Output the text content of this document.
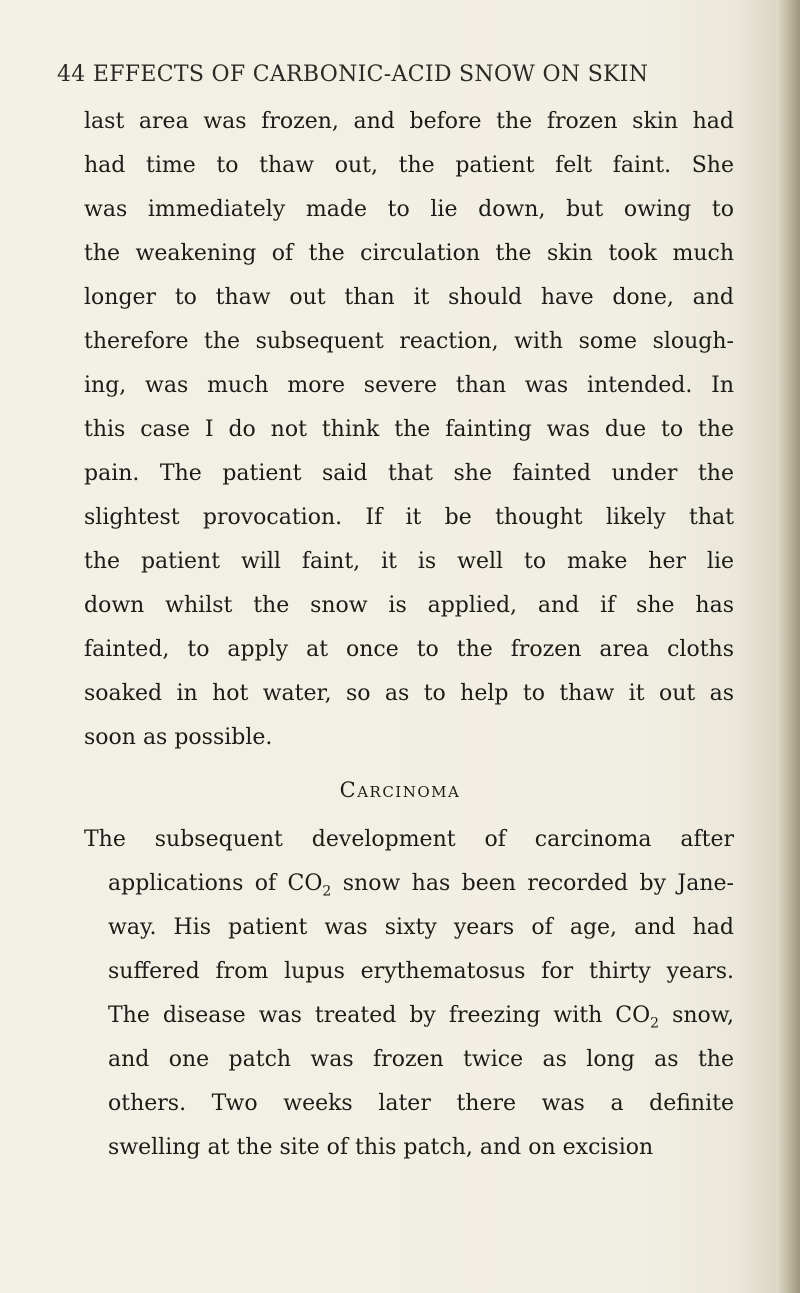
44 EFFECTS OF CARBONIC-ACID SNOW ON SKIN

last area was frozen, and before the frozen skin had
had time to thaw out, the patient felt faint. She
was immediately made to lie down, but owing to
the weakening of the circulation the skin took much
longer to thaw out than it should have done, and
therefore the subsequent reaction, with some slough-
ing, was much more severe than was intended. In
this case I do not think the fainting was due to the
pain. The patient said that she fainted under the
slightest provocation. If it be thought likely that
the patient will faint, it is well to make her lie
down whilst the snow is applied, and if she has
fainted, to apply at once to the frozen area cloths
soaked in hot water, so as to help to thaw it out as
soon as possible.

Carcinoma

The subsequent development of carcinoma after
applications of $CO_2$ snow has been recorded by Jane-
way. His patient was sixty years of age, and had
suffered from lupus erythematosus for thirty years.
The disease was treated by freezing with $CO_2$ snow,
and one patch was frozen twice as long as the
others. Two weeks later there was a definite
swelling at the site of this patch, and on excision
